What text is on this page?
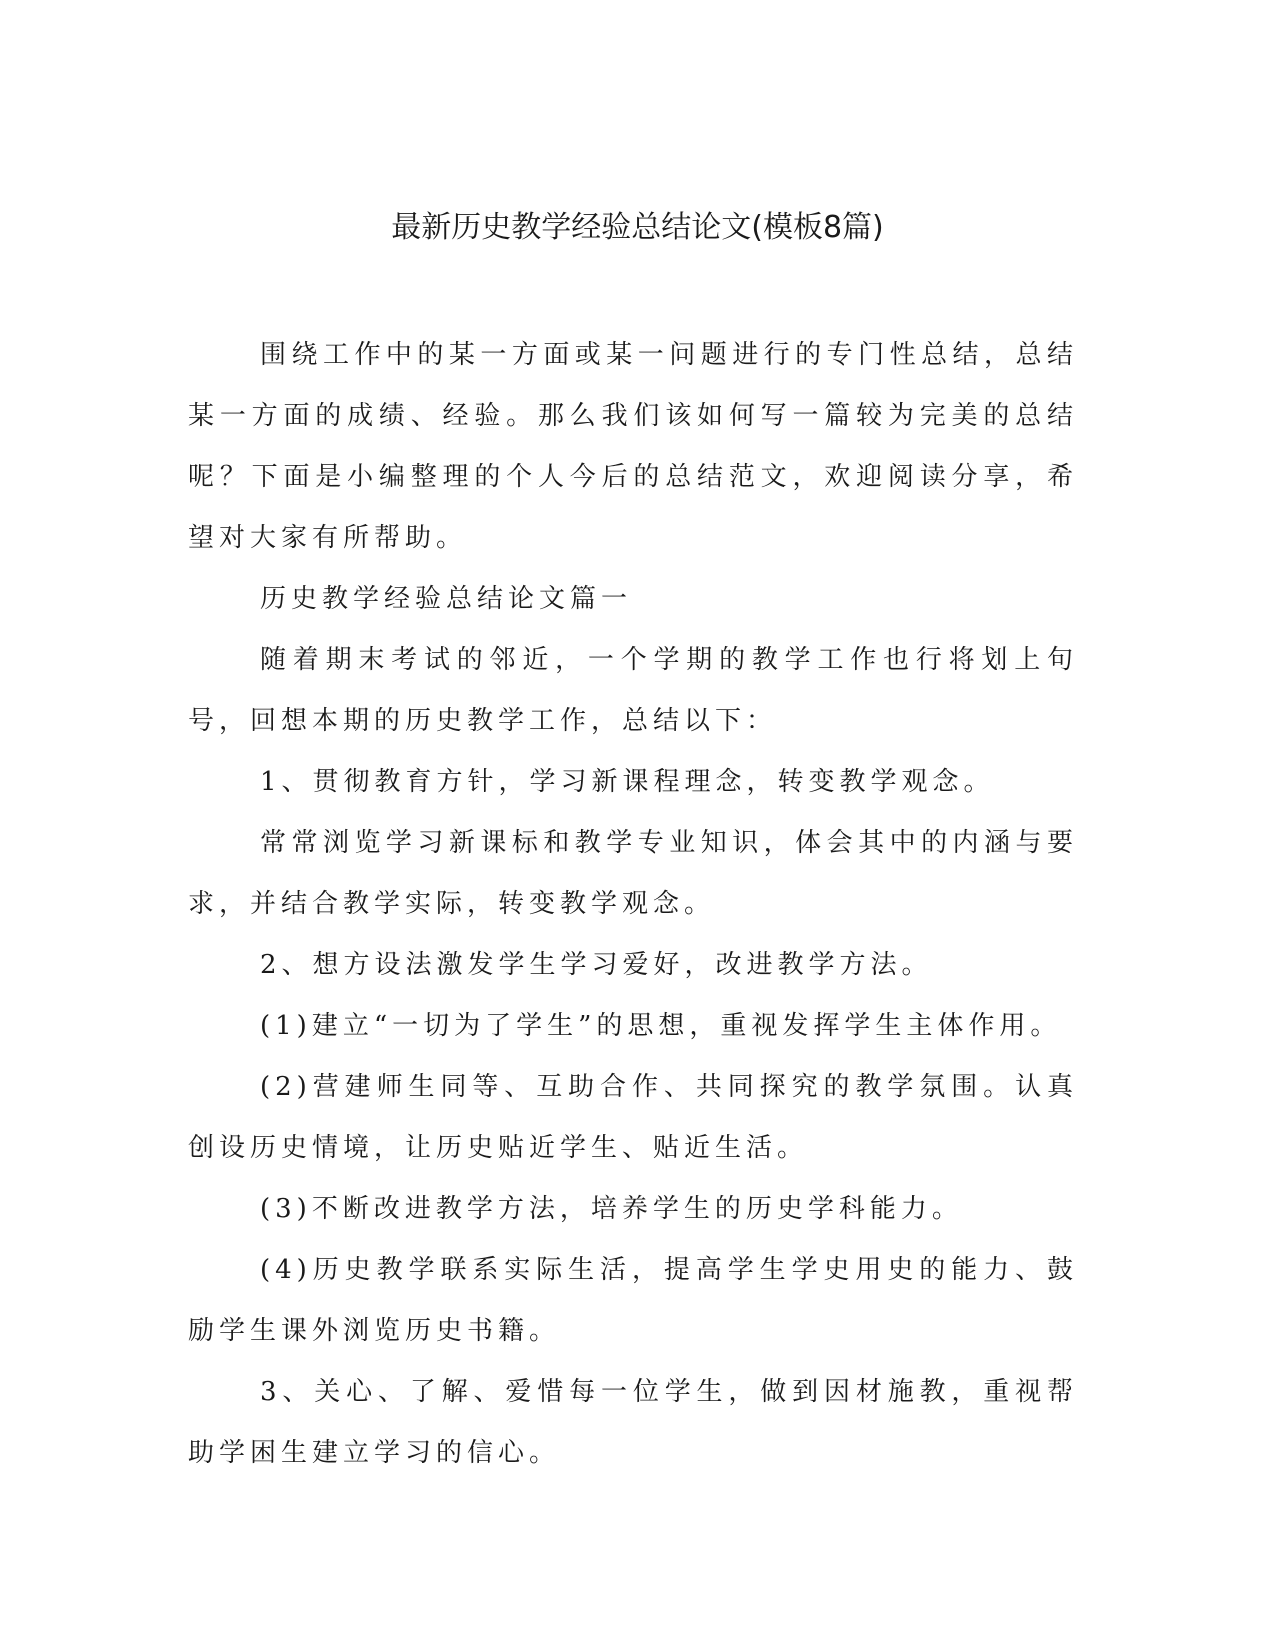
最新历史教学经验总结论文(模板8篇)

围绕工作中的某一方面或某一问题进行的专门性总结，总结某一方面的成绩、经验。那么我们该如何写一篇较为完美的总结呢？下面是小编整理的个人今后的总结范文，欢迎阅读分享，希望对大家有所帮助。

历史教学经验总结论文篇一

随着期末考试的邻近，一个学期的教学工作也行将划上句号，回想本期的历史教学工作，总结以下：

1、贯彻教育方针，学习新课程理念，转变教学观念。

常常浏览学习新课标和教学专业知识，体会其中的内涵与要求，并结合教学实际，转变教学观念。

2、想方设法激发学生学习爱好，改进教学方法。

(1)建立“一切为了学生”的思想，重视发挥学生主体作用。

(2)营建师生同等、互助合作、共同探究的教学氛围。认真创设历史情境，让历史贴近学生、贴近生活。

(3)不断改进教学方法，培养学生的历史学科能力。

(4)历史教学联系实际生活，提高学生学史用史的能力、鼓励学生课外浏览历史书籍。

3、关心、了解、爱惜每一位学生，做到因材施教，重视帮助学困生建立学习的信心。
